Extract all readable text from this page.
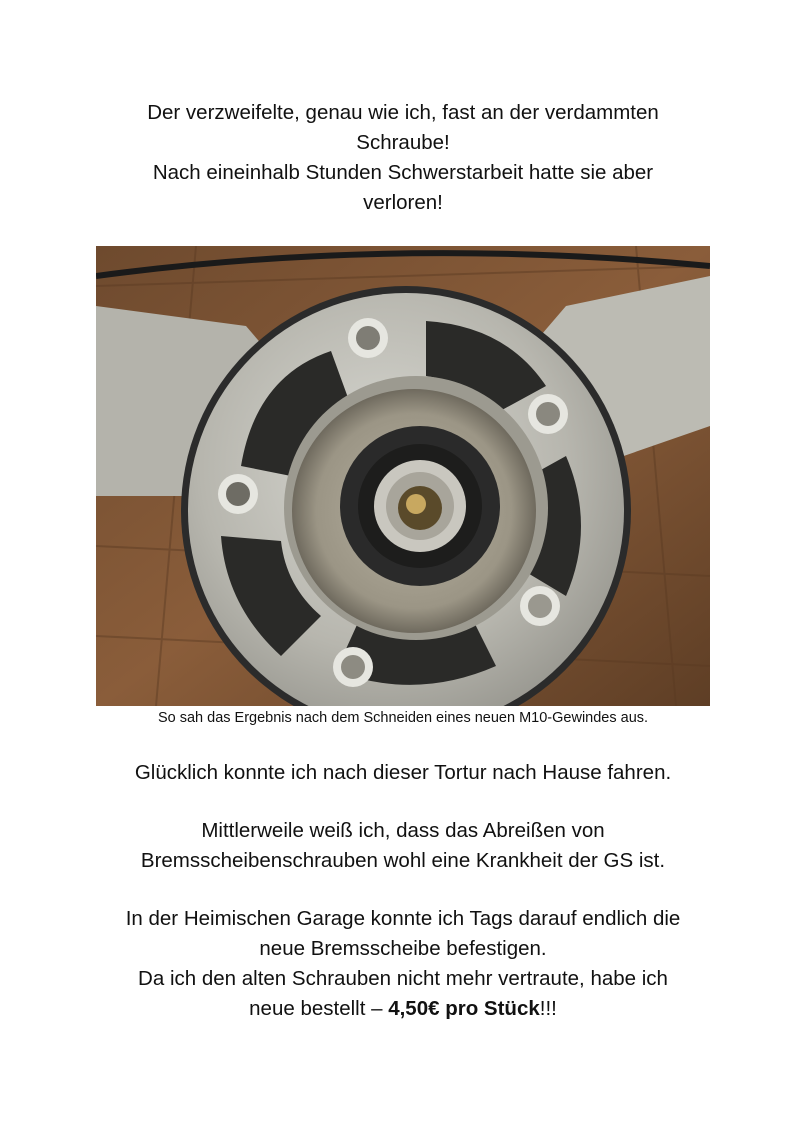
Der verzweifelte, genau wie ich, fast an der verdammten
Schraube!
Nach eineinhalb Stunden Schwerstarbeit hatte sie aber
verloren!

So sah das Ergebnis nach dem Schneiden eines neuen M10-Gewindes aus.

Glücklich konnte ich nach dieser Tortur nach Hause fahren.
Mittlerweile weiß ich, dass das Abreißen von
Bremsscheibenschrauben wohl eine Krankheit der GS ist.
In der Heimischen Garage konnte ich Tags darauf endlich die
neue Bremsscheibe befestigen.
Da ich den alten Schrauben nicht mehr vertraute, habe ich
neue bestellt – 4,50€ pro Stück!!!
